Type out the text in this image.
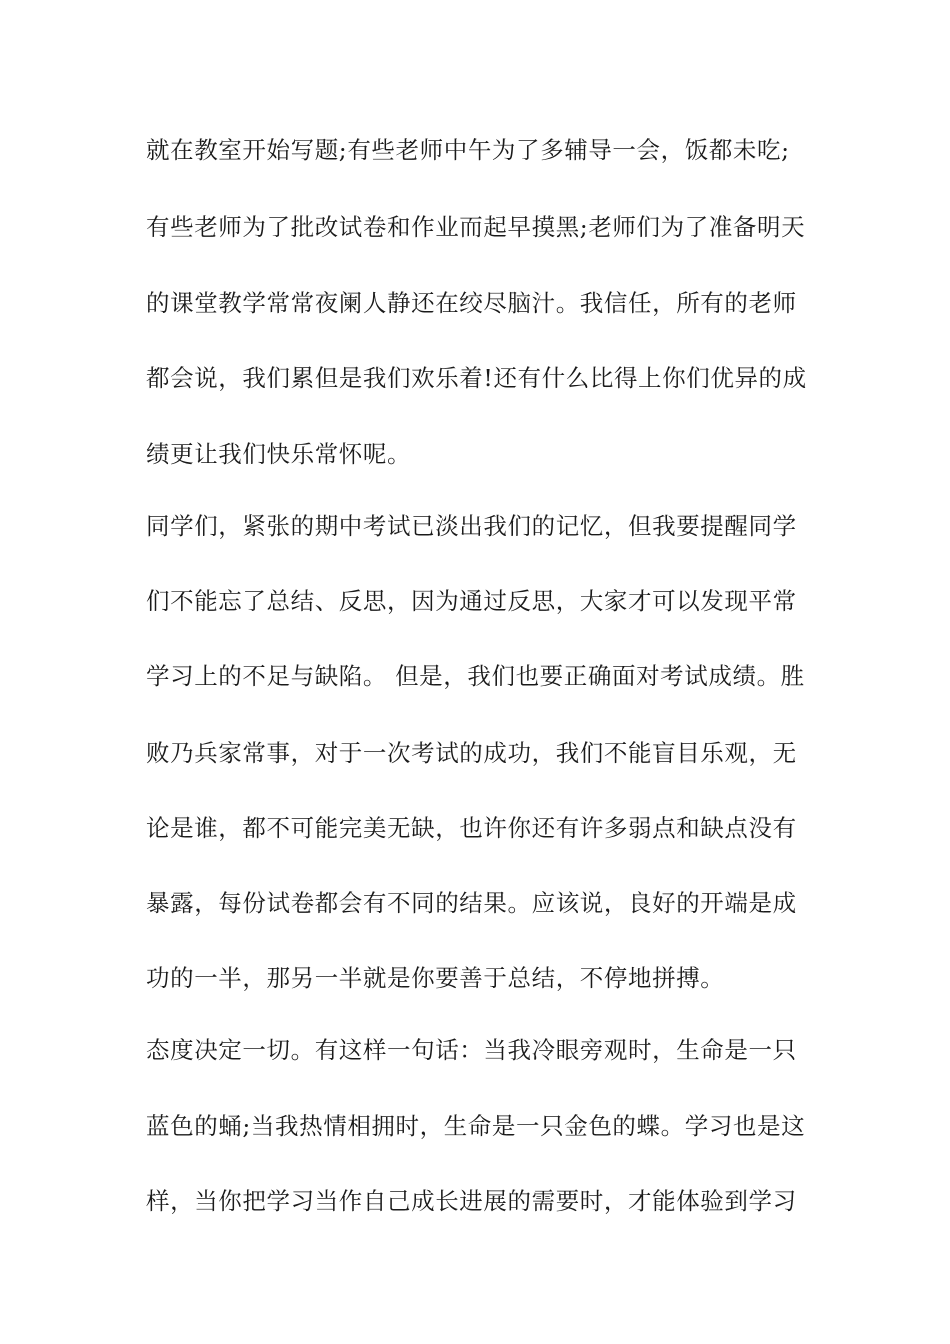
就在教室开始写题;有些老师中午为了多辅导一会，饭都未吃;
有些老师为了批改试卷和作业而起早摸黑;老师们为了准备明天
的课堂教学常常夜阑人静还在绞尽脑汁。我信任，所有的老师
都会说，我们累但是我们欢乐着!还有什么比得上你们优异的成
绩更让我们快乐常怀呢。
同学们，紧张的期中考试已淡出我们的记忆，但我要提醒同学
们不能忘了总结、反思，因为通过反思，大家才可以发现平常
学习上的不足与缺陷。 但是，我们也要正确面对考试成绩。胜
败乃兵家常事，对于一次考试的成功，我们不能盲目乐观，无
论是谁，都不可能完美无缺，也许你还有许多弱点和缺点没有
暴露，每份试卷都会有不同的结果。应该说，良好的开端是成
功的一半，那另一半就是你要善于总结，不停地拼搏。
态度决定一切。有这样一句话：当我冷眼旁观时，生命是一只
蓝色的蛹;当我热情相拥时，生命是一只金色的蝶。学习也是这
样，当你把学习当作自己成长进展的需要时，才能体验到学习
